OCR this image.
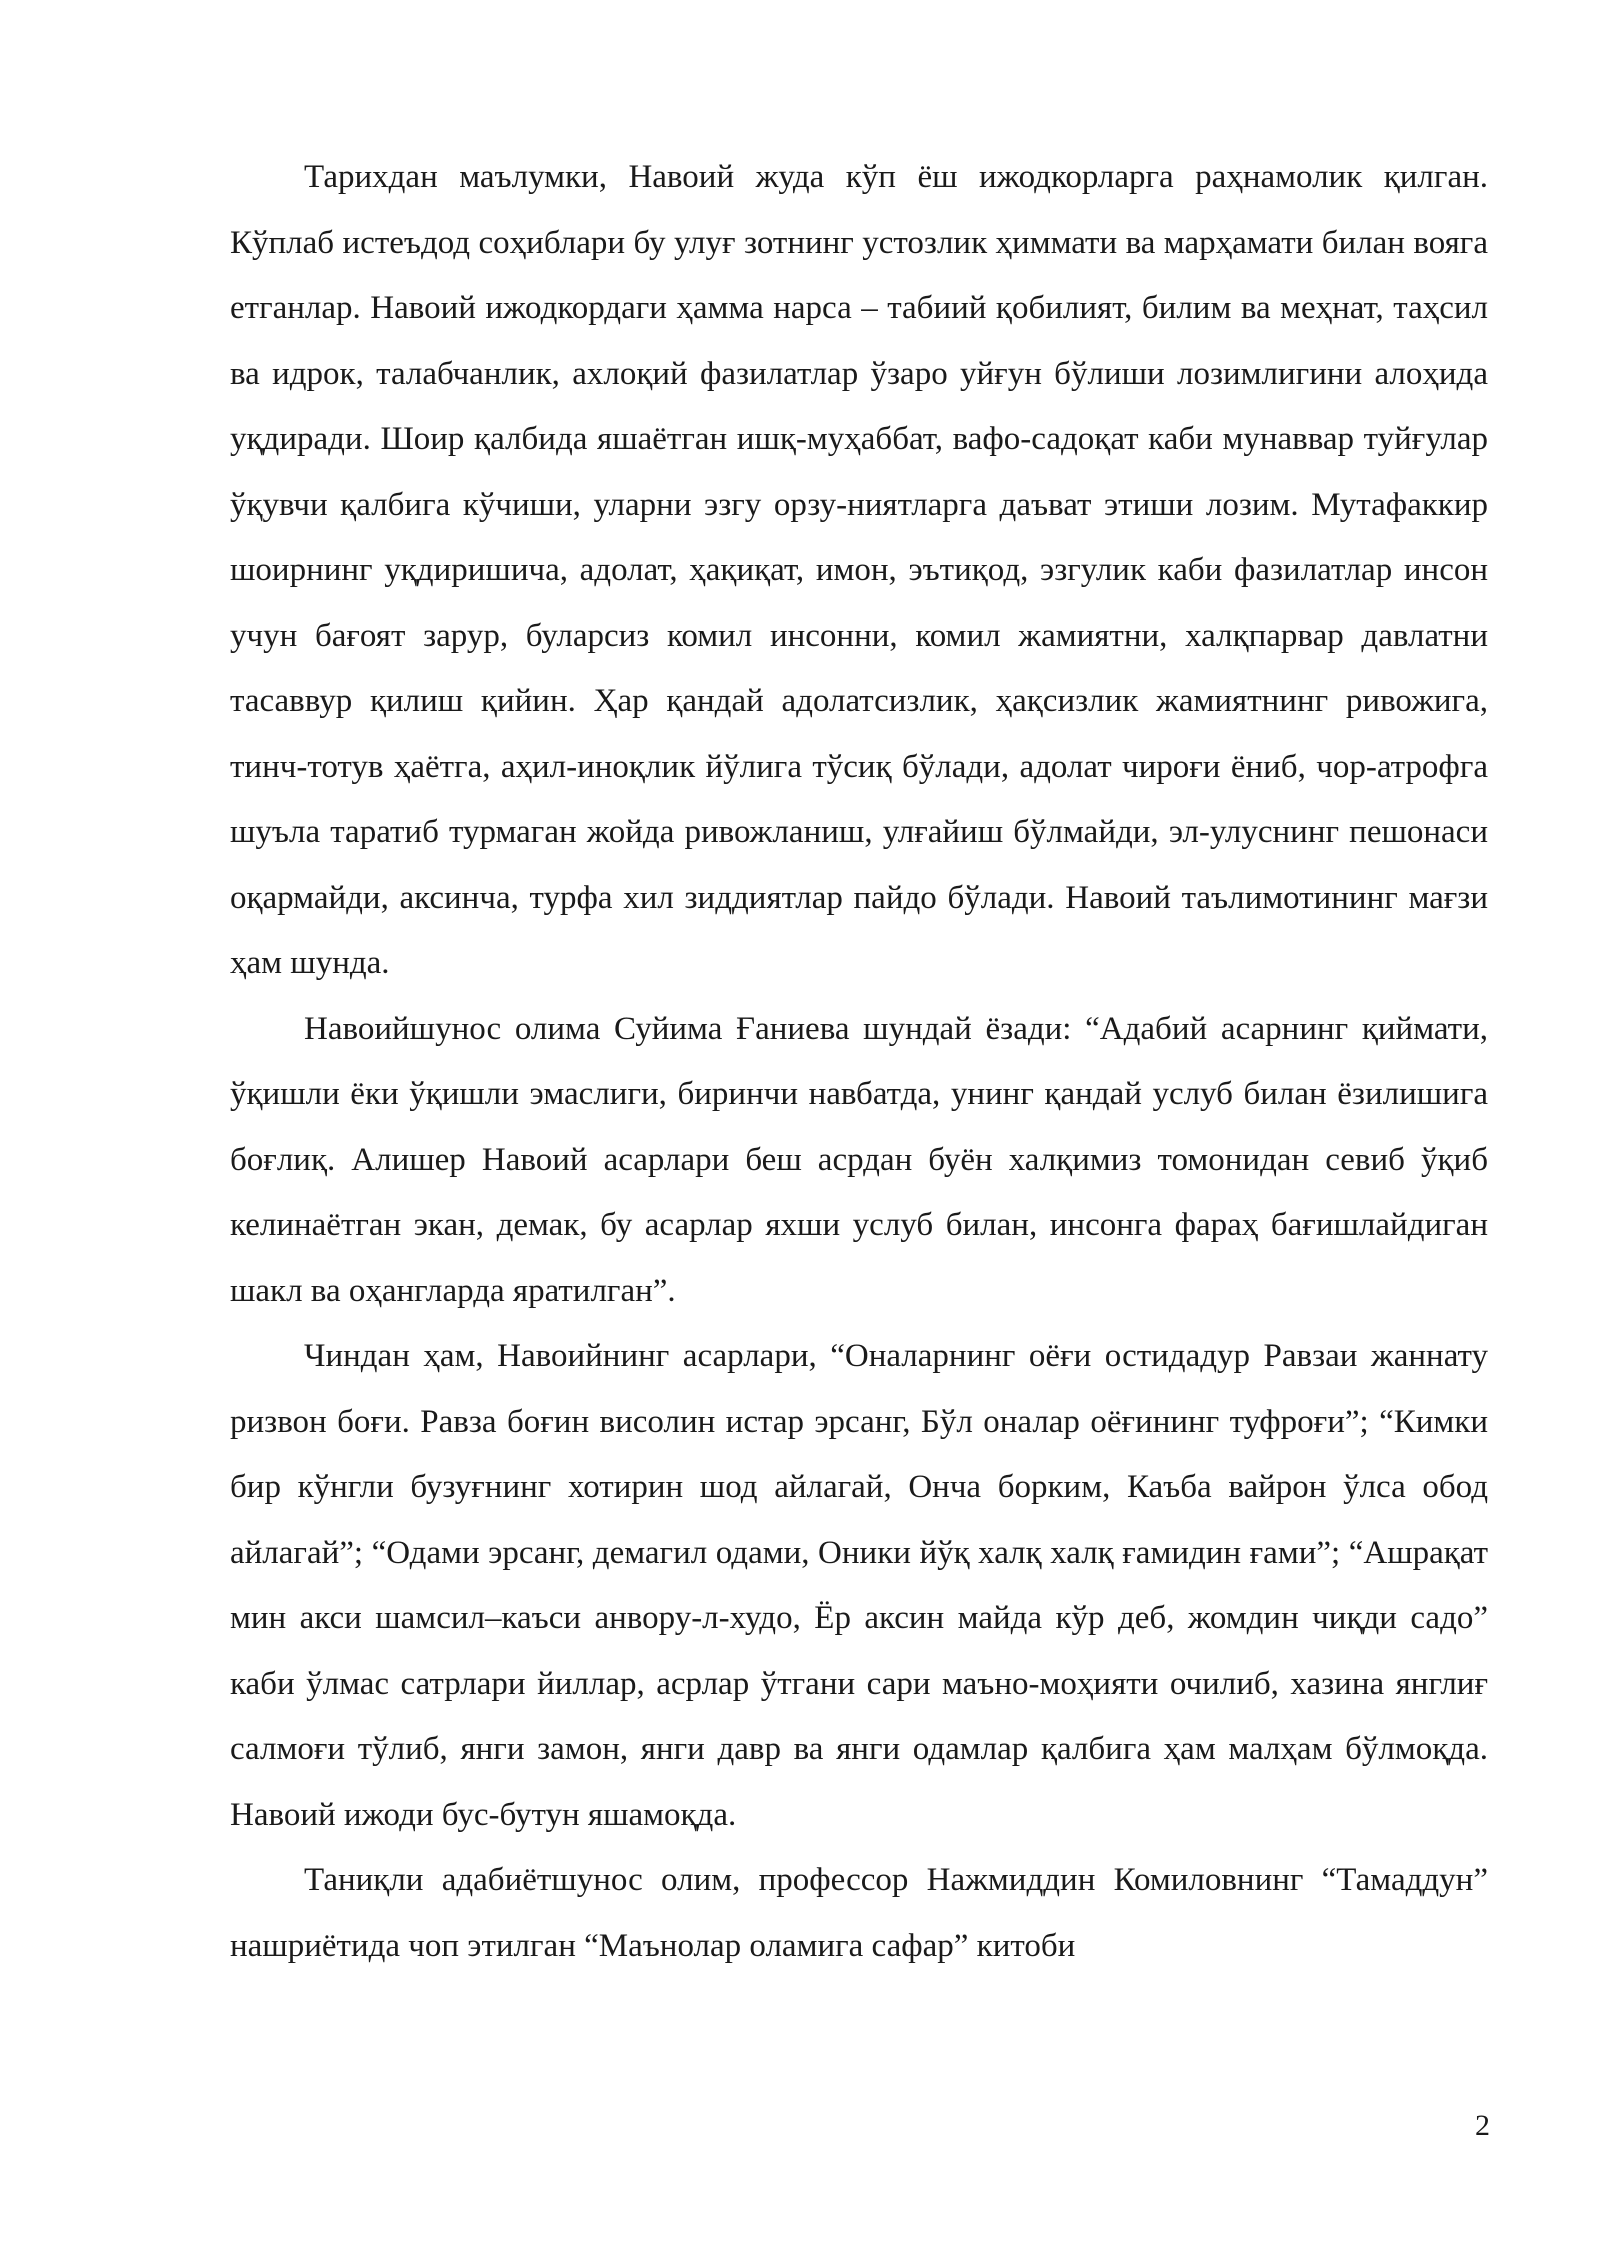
Тарихдан маълумки, Навоий жуда кўп ёш ижодкорларга раҳнамолик қилган. Кўплаб истеъдод соҳиблари бу улуғ зотнинг устозлик ҳиммати ва марҳамати билан вояга етганлар. Навоий ижодкордаги ҳамма нарса – табиий қобилият, билим ва меҳнат, таҳсил ва идрок, талабчанлик, ахлоқий фазилатлар ўзаро уйғун бўлиши лозимлигини алоҳида уқдиради. Шоир қалбида яшаётган ишқ-муҳаббат, вафо-садоқат каби мунаввар туйғулар ўқувчи қалбига кўчиши, уларни эзгу орзу-ниятларга даъват этиши лозим. Мутафаккир шоирнинг уқдиришича, адолат, ҳақиқат, имон, эътиқод, эзгулик каби фазилатлар инсон учун бағоят зарур, буларсиз комил инсонни, комил жамиятни, халқпарвар давлатни тасаввур қилиш қийин. Ҳар қандай адолатсизлик, ҳақсизлик жамиятнинг ривожига, тинч-тотув ҳаётга, аҳил-иноқлик йўлига тўсиқ бўлади, адолат чироғи ёниб, чор-атрофга шуъла таратиб турмаган жойда ривожланиш, улғайиш бўлмайди, эл-улуснинг пешонаси оқармайди, аксинча, турфа хил зиддиятлар пайдо бўлади. Навоий таълимотининг мағзи ҳам шунда.

Навоийшунос олима Суйима Ғаниева шундай ёзади: “Адабий асарнинг қиймати, ўқишли ёки ўқишли эмаслиги, биринчи навбатда, унинг қандай услуб билан ёзилишига боғлиқ. Алишер Навоий асарлари беш асрдан буён халқимиз томонидан севиб ўқиб келинаётган экан, демак, бу асарлар яхши услуб билан, инсонга фараҳ бағишлайдиган шакл ва оҳангларда яратилган”.

Чиндан ҳам, Навоийнинг асарлари, “Оналарнинг оёғи остидадур Равзаи жаннату ризвон боғи. Равза боғин висолин истар эрсанг, Бўл оналар оёғининг туфроғи”; “Кимки бир кўнгли бузуғнинг хотирин шод айлагай, Онча борким, Каъба вайрон ўлса обод айлагай”; “Одами эрсанг, демагил одами, Оники йўқ халқ халқ ғамидин ғами”; “Ашрақат мин акси шамсил–каъси анвору-л-худо, Ёр аксин майда кўр деб, жомдин чиқди садо” каби ўлмас сатрлари йиллар, асрлар ўтгани сари маъно-моҳияти очилиб, хазина янглиғ салмоғи тўлиб, янги замон, янги давр ва янги одамлар қалбига ҳам малҳам бўлмоқда. Навоий ижоди бус-бутун яшамоқда.

Таниқли адабиётшунос олим, профессор Нажмиддин Комиловнинг “Тамаддун” нашриётида чоп этилган “Маънолар оламига сафар” китоби

2
